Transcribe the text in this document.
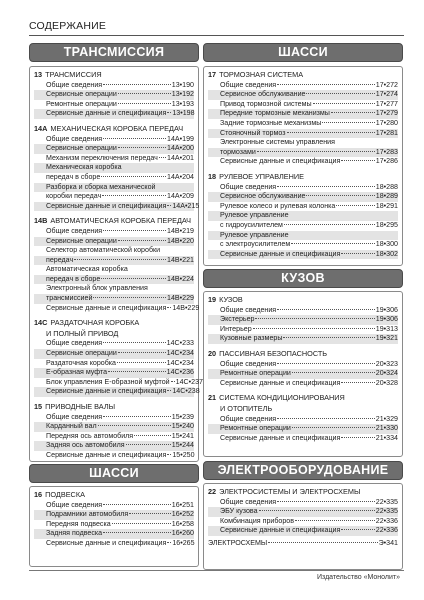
СОДЕРЖАНИЕ
ТРАНСМИССИЯ
13 ТРАНСМИССИЯ
Общие сведения	13•190
Сервисные операции	13•192
Ремонтные операции	13•193
Сервисные данные и спецификация 13•198
14A МЕХАНИЧЕСКАЯ КОРОБКА ПЕРЕДАЧ
Общие сведения	14A•199
Сервисные операции	14A•200
Механизм переключения передач 14A•201
Механическая коробка
передач в сборе	14A•204
Разборка и сборка механической
коробки передач	14A•209
Сервисные данные и спецификация 14A•215
14B АВТОМАТИЧЕСКАЯ КОРОБКА ПЕРЕДАЧ
Общие сведения	14B•219
Сервисные операции	14B•220
Селектор автоматической коробки
передач	14B•221
Автоматическая коробка
передач в сборе	14B•224
Электронный блок управления
трансмиссией	14B•229
Сервисные данные и спецификация 14B•229
14C РАЗДАТОЧНАЯ КОРОБКА
И ПОЛНЫЙ ПРИВОД
Общие сведения	14C•233
Сервисные операции	14C•234
Раздаточная коробка	14C•234
E-образная муфта	14C•236
Блок управления E-образной муфтой 14C•237
Сервисные данные и спецификация 14C•238
15 ПРИВОДНЫЕ ВАЛЫ
Общие сведения	15•239
Карданный вал	15•240
Передняя ось автомобиля	15•241
Задняя ось автомобиля	15•244
Сервисные данные и спецификация 15•250
ШАССИ
16 ПОДВЕСКА
Общие сведения	16•251
Подрамники автомобиля	16•252
Передняя подвеска	16•258
Задняя подвеска	16•260
Сервисные данные и спецификация 16•265
ШАССИ
17 ТОРМОЗНАЯ СИСТЕМА
Общие сведения	17•272
Сервисное обслуживание	17•274
Привод тормозной системы	17•277
Передние тормозные механизмы	17•279
Задние тормозные механизмы	17•280
Стояночный тормоз	17•281
Электронные системы управления
тормозами	17•283
Сервисные данные и спецификация	17•286
18 РУЛЕВОЕ УПРАВЛЕНИЕ
Общие сведения	18•288
Сервисное обслуживание	18•289
Рулевое колесо и рулевая колонка	18•291
Рулевое управление
с гидроусилителем	18•295
Рулевое управление
с электроусилителем	18•300
Сервисные данные и спецификация	18•302
КУЗОВ
19 КУЗОВ
Общие сведения	19•306
Экстерьер	19•306
Интерьер	19•313
Кузовные размеры	19•321
20 ПАССИВНАЯ БЕЗОПАСНОСТЬ
Общие сведения	20•323
Ремонтные операции	20•324
Сервисные данные и спецификация	20•328
21 СИСТЕМА КОНДИЦИОНИРОВАНИЯ
И ОТОПИТЕЛЬ
Общие сведения	21•329
Ремонтные операции	21•330
Сервисные данные и спецификация	21•334
ЭЛЕКТРООБОРУДОВАНИЕ
22 ЭЛЕКТРОСИСТЕМЫ И ЭЛЕКТРОСХЕМЫ
Общие сведения	22•335
ЭБУ кузова	22•335
Комбинация приборов	22•336
Сервисные данные и спецификация	22•336
ЭЛЕКТРОСХЕМЫ	Э•341
Издательство «Монолит»
